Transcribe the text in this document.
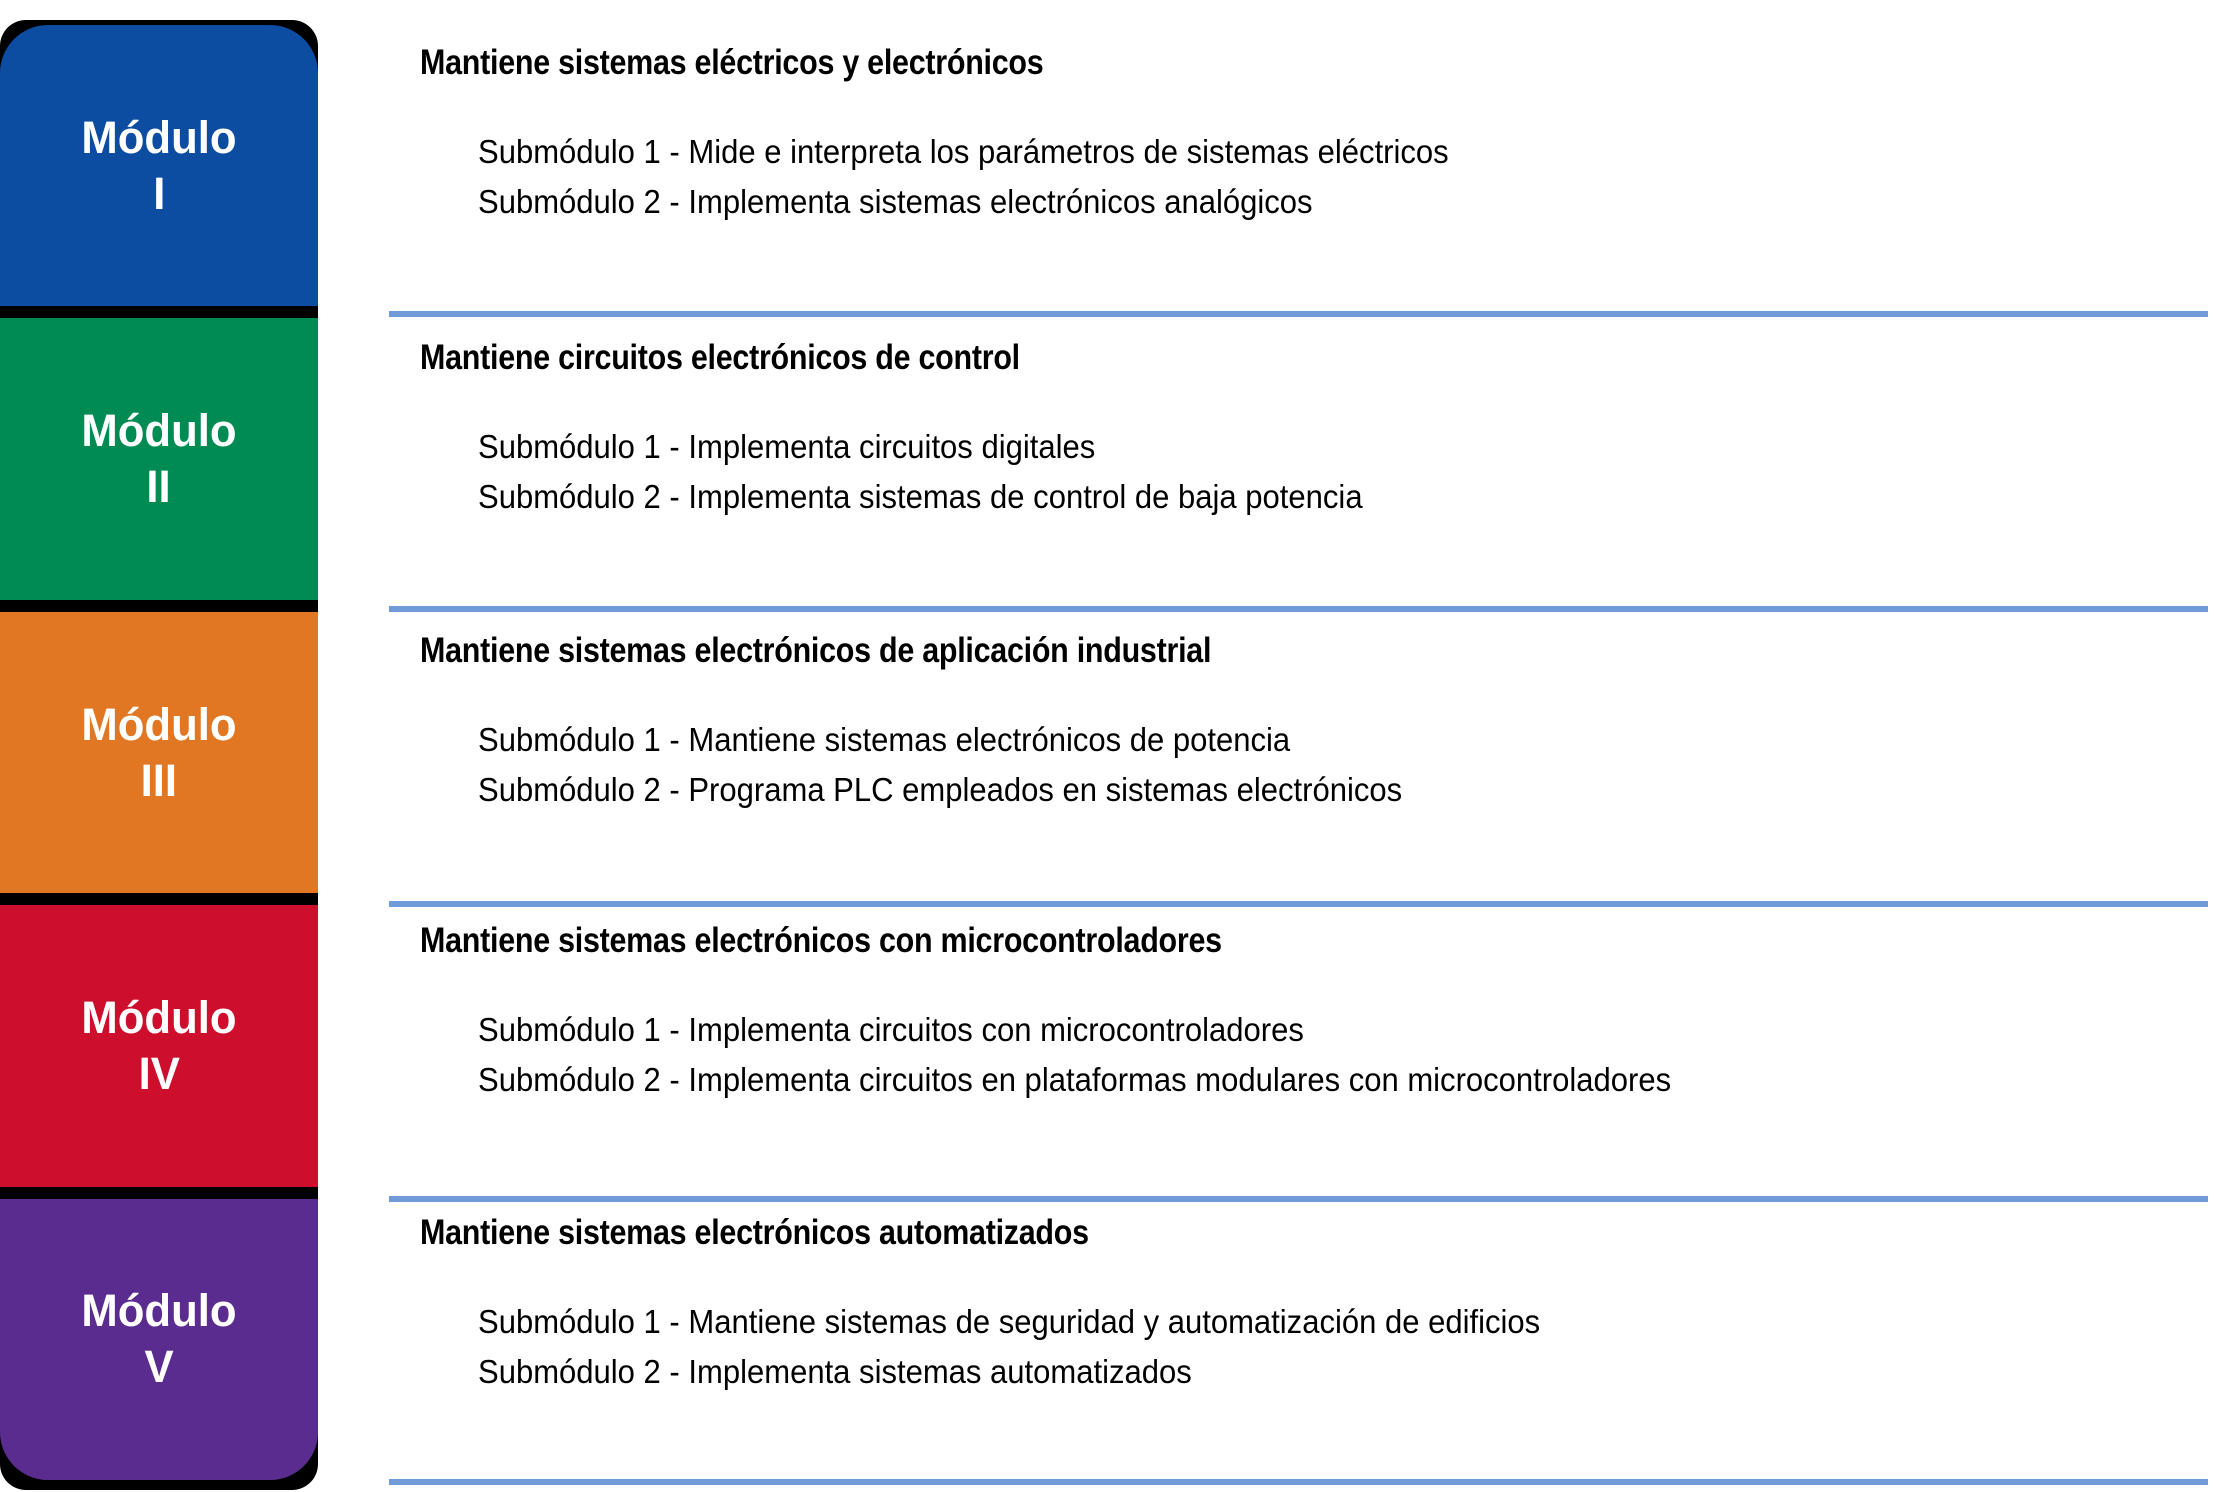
Módulo
I
Módulo
II
Módulo
III
Módulo
IV
Módulo
V
Mantiene sistemas eléctricos y electrónicos
Submódulo 1 - Mide e interpreta los parámetros de sistemas eléctricos
Submódulo 2 - Implementa sistemas electrónicos analógicos
Mantiene circuitos electrónicos de control
Submódulo 1 - Implementa circuitos digitales
Submódulo 2 - Implementa sistemas de control de baja potencia
Mantiene sistemas electrónicos de aplicación industrial
Submódulo 1 - Mantiene sistemas electrónicos de potencia
Submódulo 2 - Programa PLC empleados en sistemas electrónicos
Mantiene sistemas electrónicos con microcontroladores
Submódulo 1 - Implementa circuitos con microcontroladores
Submódulo 2 - Implementa circuitos en plataformas modulares con microcontroladores
Mantiene sistemas electrónicos automatizados
Submódulo 1 - Mantiene sistemas de seguridad y automatización de edificios
Submódulo 2 - Implementa sistemas automatizados
